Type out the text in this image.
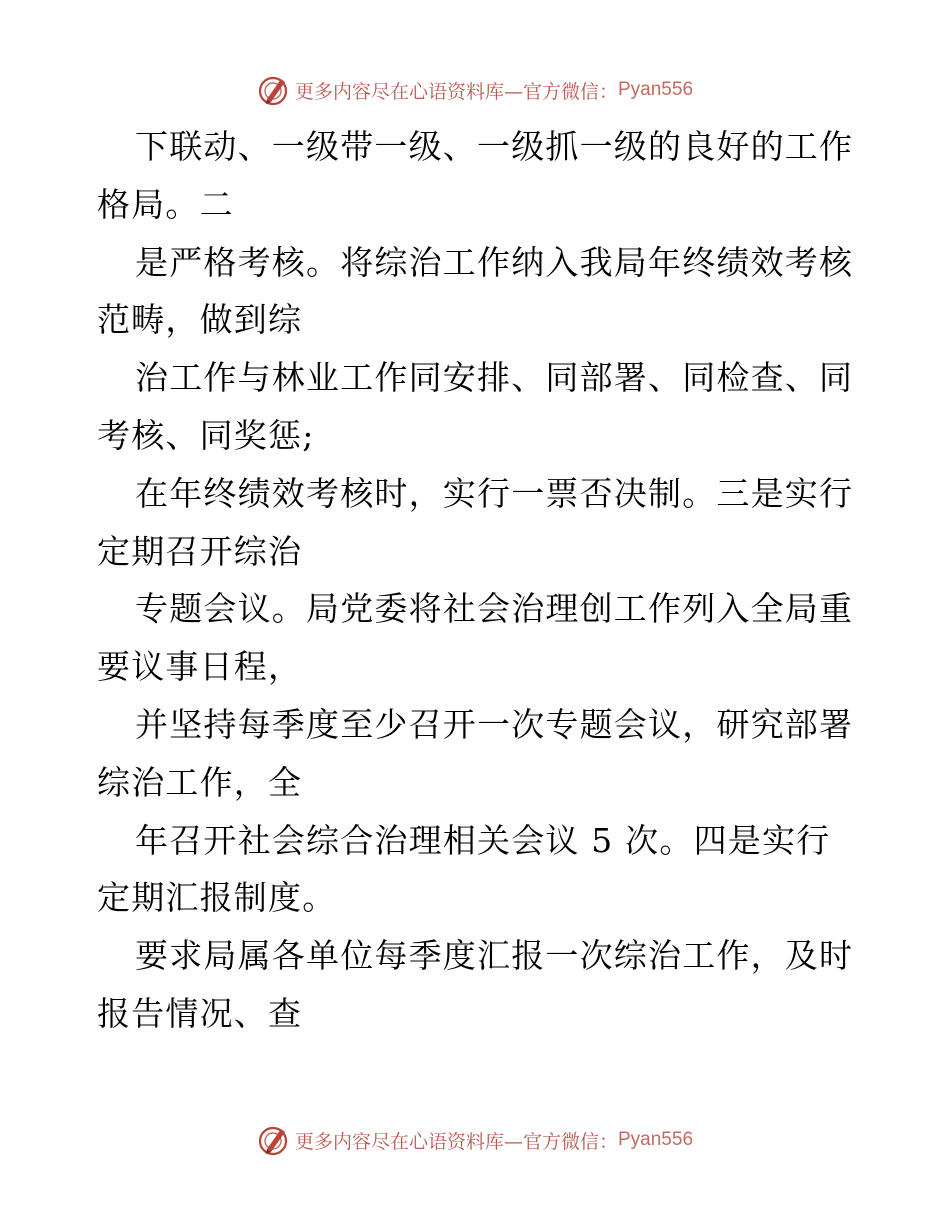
更多内容尽在心语资料库—官方微信： Pyan556
下联动、一级带一级、一级抓一级的良好的工作
格局。二
是严格考核。将综治工作纳入我局年终绩效考核
范畴，做到综
治工作与林业工作同安排、同部署、同检查、同
考核、同奖惩;
在年终绩效考核时，实行一票否决制。三是实行
定期召开综治
专题会议。局党委将社会治理创工作列入全局重
要议事日程，
并坚持每季度至少召开一次专题会议，研究部署
综治工作，全
年召开社会综合治理相关会议 5 次。四是实行
定期汇报制度。
要求局属各单位每季度汇报一次综治工作，及时
报告情况、查
更多内容尽在心语资料库—官方微信： Pyan556
